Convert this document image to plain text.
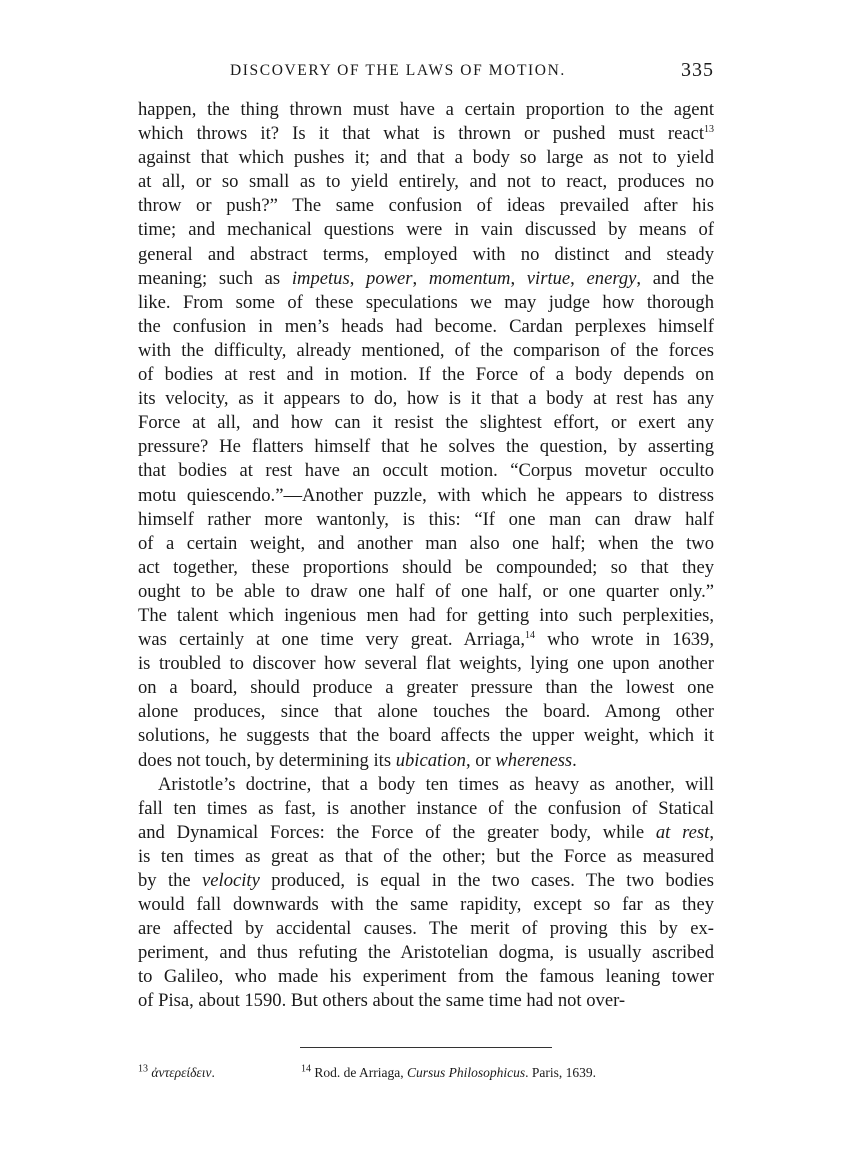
DISCOVERY OF THE LAWS OF MOTION.	335
happen, the thing thrown must have a certain proportion to the agent
which throws it? Is it that what is thrown or pushed must react$^{13}$
against that which pushes it; and that a body so large as not to yield
at all, or so small as to yield entirely, and not to react, produces no
throw or push?” The same confusion of ideas prevailed after his
time; and mechanical questions were in vain discussed by means of
general and abstract terms, employed with no distinct and steady
meaning; such as impetus, power, momentum, virtue, energy, and the
like. From some of these speculations we may judge how thorough
the confusion in men’s heads had become. Cardan perplexes himself
with the difficulty, already mentioned, of the comparison of the forces
of bodies at rest and in motion. If the Force of a body depends on
its velocity, as it appears to do, how is it that a body at rest has any
Force at all, and how can it resist the slightest effort, or exert any
pressure? He flatters himself that he solves the question, by asserting
that bodies at rest have an occult motion. “Corpus movetur occulto
motu quiescendo.”—Another puzzle, with which he appears to distress
himself rather more wantonly, is this: “If one man can draw half
of a certain weight, and another man also one half; when the two
act together, these proportions should be compounded; so that they
ought to be able to draw one half of one half, or one quarter only.”
The talent which ingenious men had for getting into such perplexities,
was certainly at one time very great. Arriaga,$^{14}$ who wrote in 1639,
is troubled to discover how several flat weights, lying one upon another
on a board, should produce a greater pressure than the lowest one
alone produces, since that alone touches the board. Among other
solutions, he suggests that the board affects the upper weight, which it
does not touch, by determining its ubication, or whereness.
Aristotle’s doctrine, that a body ten times as heavy as another, will
fall ten times as fast, is another instance of the confusion of Statical
and Dynamical Forces: the Force of the greater body, while at rest,
is ten times as great as that of the other; but the Force as measured
by the velocity produced, is equal in the two cases. The two bodies
would fall downwards with the same rapidity, except so far as they
are affected by accidental causes. The merit of proving this by ex-
periment, and thus refuting the Aristotelian dogma, is usually ascribed
to Galileo, who made his experiment from the famous leaning tower
of Pisa, about 1590. But others about the same time had not over-
$^{13}$ ἀντερείδειν.	$^{14}$ Rod. de Arriaga, Cursus Philosophicus. Paris, 1639.
